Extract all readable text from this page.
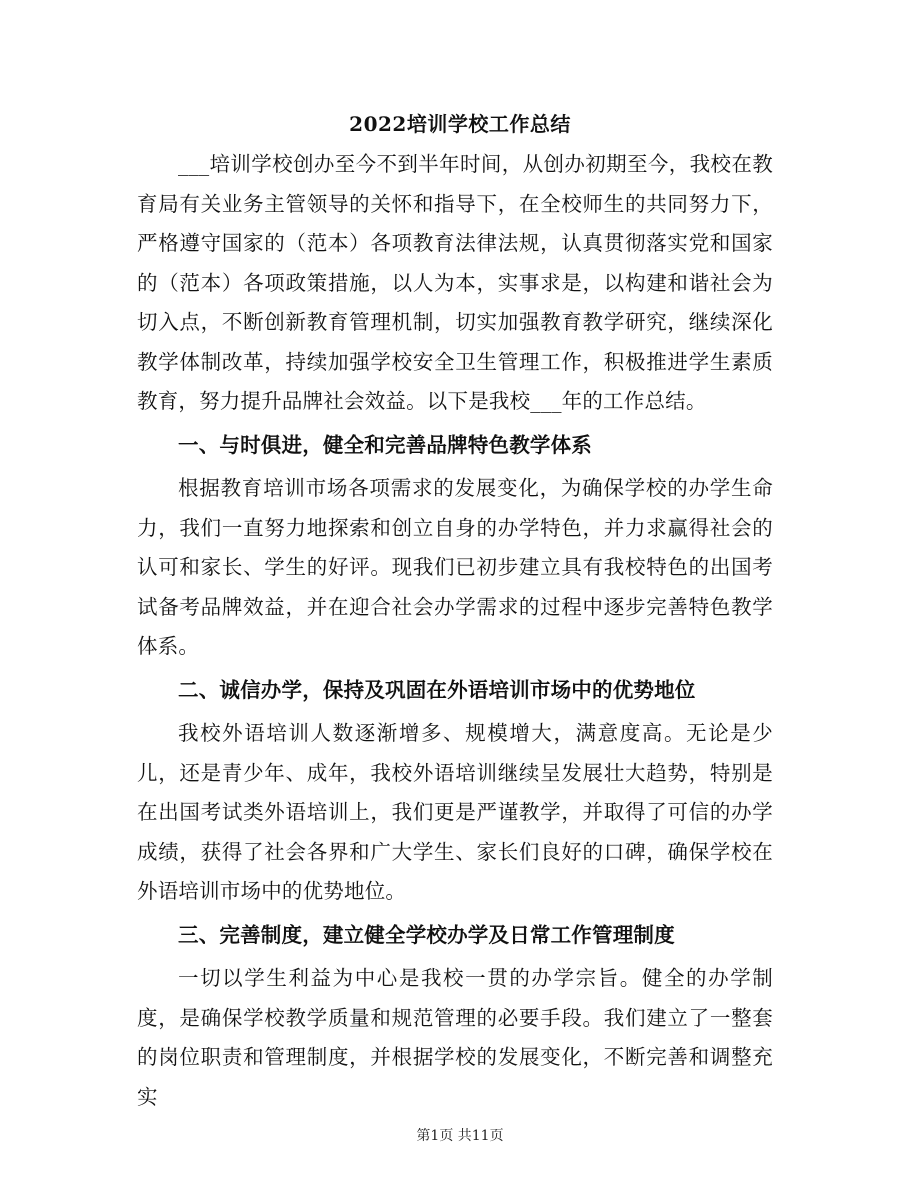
2022培训学校工作总结

___培训学校创办至今不到半年时间，从创办初期至今，我校在教育局有关业务主管领导的关怀和指导下，在全校师生的共同努力下，严格遵守国家的（范本）各项教育法律法规，认真贯彻落实党和国家的（范本）各项政策措施，以人为本，实事求是，以构建和谐社会为切入点，不断创新教育管理机制，切实加强教育教学研究，继续深化教学体制改革，持续加强学校安全卫生管理工作，积极推进学生素质教育，努力提升品牌社会效益。以下是我校___年的工作总结。

一、与时俱进，健全和完善品牌特色教学体系

根据教育培训市场各项需求的发展变化，为确保学校的办学生命力，我们一直努力地探索和创立自身的办学特色，并力求赢得社会的认可和家长、学生的好评。现我们已初步建立具有我校特色的出国考试备考品牌效益，并在迎合社会办学需求的过程中逐步完善特色教学体系。

二、诚信办学，保持及巩固在外语培训市场中的优势地位

我校外语培训人数逐渐增多、规模增大，满意度高。无论是少儿，还是青少年、成年，我校外语培训继续呈发展壮大趋势，特别是在出国考试类外语培训上，我们更是严谨教学，并取得了可信的办学成绩，获得了社会各界和广大学生、家长们良好的口碑，确保学校在外语培训市场中的优势地位。

三、完善制度，建立健全学校办学及日常工作管理制度

一切以学生利益为中心是我校一贯的办学宗旨。健全的办学制度，是确保学校教学质量和规范管理的必要手段。我们建立了一整套的岗位职责和管理制度，并根据学校的发展变化，不断完善和调整充实

第1页 共11页
